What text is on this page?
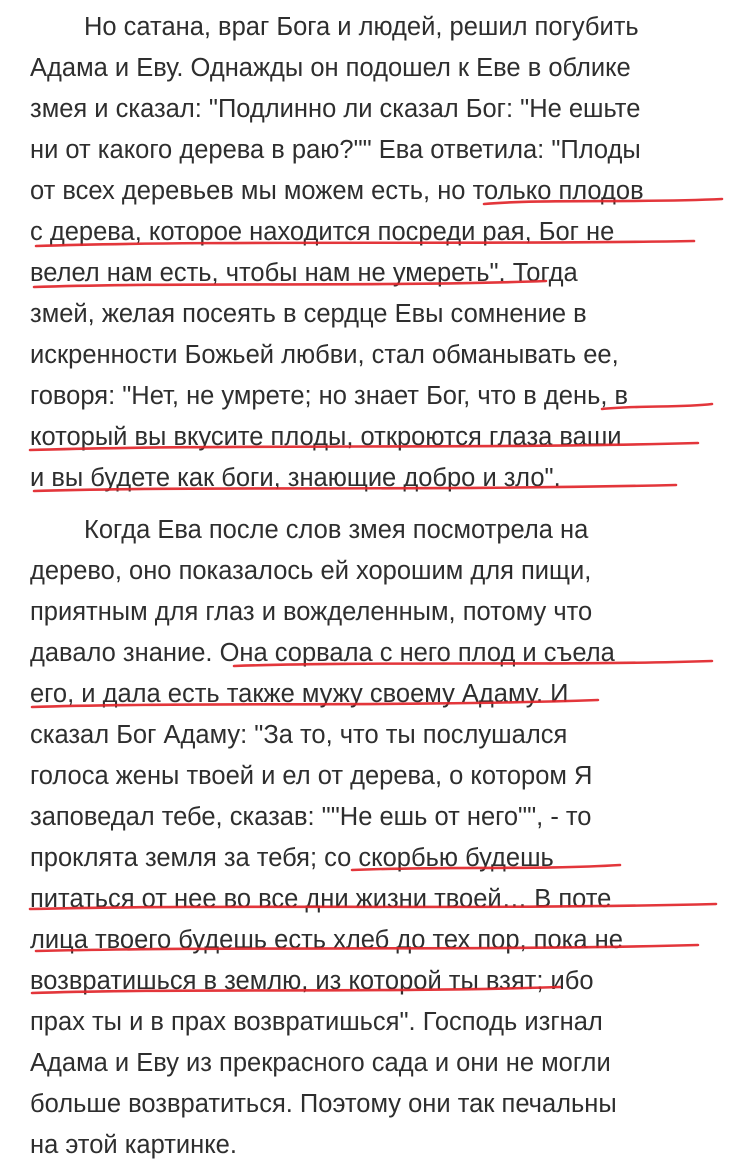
Но сатана, враг Бога и людей, решил погубить
Адама и Еву. Однажды он подошел к Еве в облике
змея и сказал: "Подлинно ли сказал Бог: "Не ешьте
ни от какого дерева в раю?"" Ева ответила: "Плоды
от всех деревьев мы можем есть, но только плодов
с дерева, которое находится посреди рая, Бог не
велел нам есть, чтобы нам не умереть". Тогда
змей, желая посеять в сердце Евы сомнение в
искренности Божьей любви, стал обманывать ее,
говоря: "Нет, не умрете; но знает Бог, что в день, в
который вы вкусите плоды, откроются глаза ваши
и вы будете как боги, знающие добро и зло".
Когда Ева после слов змея посмотрела на
дерево, оно показалось ей хорошим для пищи,
приятным для глаз и вожделенным, потому что
давало знание. Она сорвала с него плод и съела
его, и дала есть также мужу своему Адаму. И
сказал Бог Адаму: "За то, что ты послушался
голоса жены твоей и ел от дерева, о котором Я
заповедал тебе, сказав: ""Не ешь от него"", - то
проклята земля за тебя; со скорбью будешь
питаться от нее во все дни жизни твоей… В поте
лица твоего будешь есть хлеб до тех пор, пока не
возвратишься в землю, из которой ты взят; ибо
прах ты и в прах возвратишься". Господь изгнал
Адама и Еву из прекрасного сада и они не могли
больше возвратиться. Поэтому они так печальны
на этой картинке.
